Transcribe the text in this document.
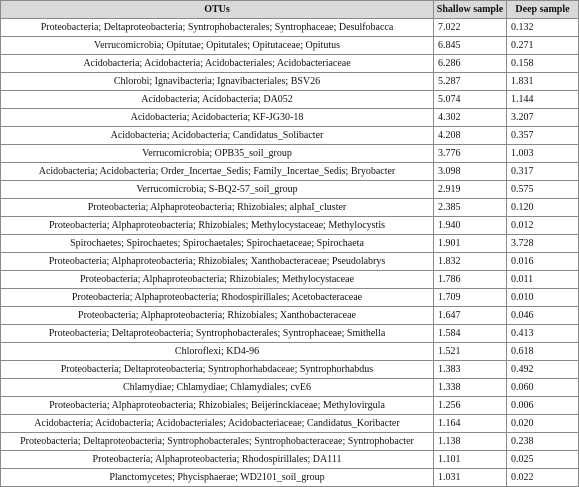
OTUs	Shallow sample	Deep sample
Proteobacteria; Deltaproteobacteria; Syntrophobacterales; Syntrophaceae; Desulfobacca	7.022	0.132
Verrucomicrobia; Opitutae; Opitutales; Opitutaceae; Opitutus	6.845	0.271
Acidobacteria; Acidobacteria; Acidobacteriales; Acidobacteriaceae	6.286	0.158
Chlorobi; Ignavibacteria; Ignavibacteriales; BSV26	5.287	1.831
Acidobacteria; Acidobacteria; DA052	5.074	1.144
Acidobacteria; Acidobacteria; KF-JG30-18	4.302	3.207
Acidobacteria; Acidobacteria; Candidatus_Solibacter	4.208	0.357
Verrucomicrobia; OPB35_soil_group	3.776	1.003
Acidobacteria; Acidobacteria; Order_Incertae_Sedis; Family_Incertae_Sedis; Bryobacter	3.098	0.317
Verrucomicrobia; S-BQ2-57_soil_group	2.919	0.575
Proteobacteria; Alphaproteobacteria; Rhizobiales; alphaI_cluster	2.385	0.120
Proteobacteria; Alphaproteobacteria; Rhizobiales; Methylocystaceae; Methylocystis	1.940	0.012
Spirochaetes; Spirochaetes; Spirochaetales; Spirochaetaceae; Spirochaeta	1.901	3.728
Proteobacteria; Alphaproteobacteria; Rhizobiales; Xanthobacteraceae; Pseudolabrys	1.832	0.016
Proteobacteria; Alphaproteobacteria; Rhizobiales; Methylocystaceae	1.786	0.011
Proteobacteria; Alphaproteobacteria; Rhodospirillales; Acetobacteraceae	1.709	0.010
Proteobacteria; Alphaproteobacteria; Rhizobiales; Xanthobacteraceae	1.647	0.046
Proteobacteria; Deltaproteobacteria; Syntrophobacterales; Syntrophaceae; Smithella	1.584	0.413
Chloroflexi; KD4-96	1.521	0.618
Proteobacteria; Deltaproteobacteria; Syntrophorhabdaceae; Syntrophorhabdus	1.383	0.492
Chlamydiae; Chlamydiae; Chlamydiales; cvE6	1.338	0.060
Proteobacteria; Alphaproteobacteria; Rhizobiales; Beijerinckiaceae; Methylovirgula	1.256	0.006
Acidobacteria; Acidobacteria; Acidobacteriales; Acidobacteriaceae; Candidatus_Koribacter	1.164	0.020
Proteobacteria; Deltaproteobacteria; Syntrophobacterales; Syntrophobacteraceae; Syntrophobacter	1.138	0.238
Proteobacteria; Alphaproteobacteria; Rhodospirillales; DA111	1.101	0.025
Planctomycetes; Phycisphaerae; WD2101_soil_group	1.031	0.022
